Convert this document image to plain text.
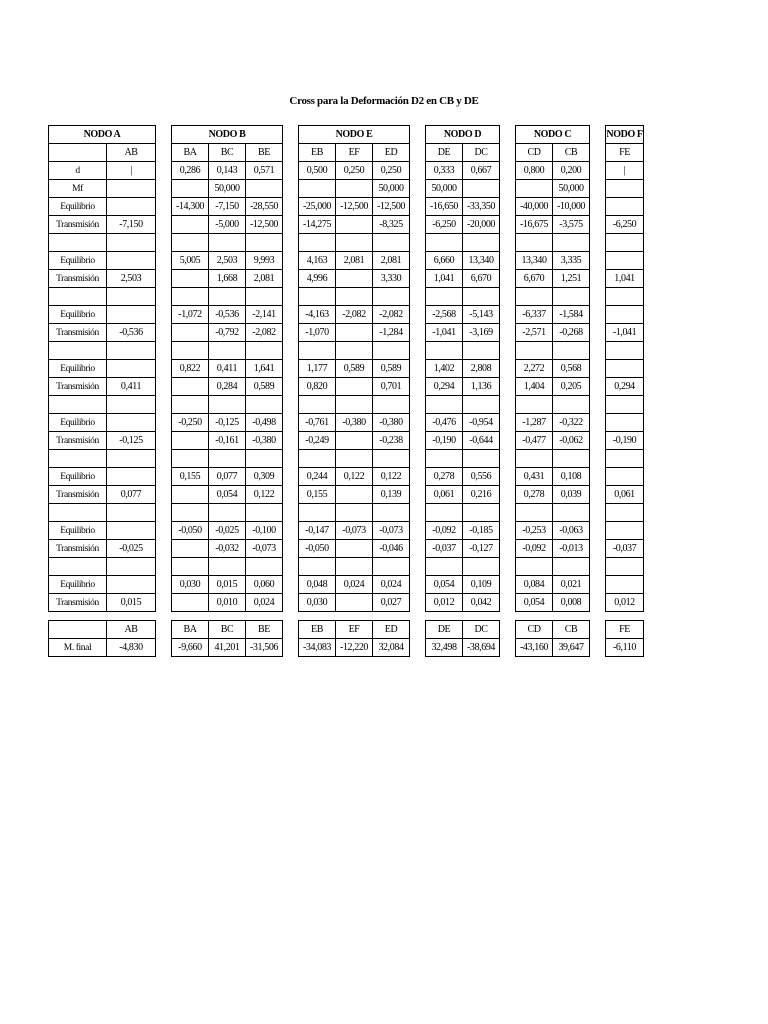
Cross para la Deformación D2 en CB y DE
NODO A			NODO B				NODO E				NODO D			NODO C			NODO F
	AB		BA	BC	BE		EB	EF	ED		DE	DC		CD	CB		FE
d	|		0,286	0,143	0,571		0,500	0,250	0,250		0,333	0,667		0,800	0,200		|
Mf				50,000					50,000		50,000				50,000		
Equilibrio			-14,300	-7,150	-28,550		-25,000	-12,500	-12,500		-16,650	-33,350		-40,000	-10,000		
Transmisión	-7,150			-5,000	-12,500		-14,275		-8,325		-6,250	-20,000		-16,675	-3,575		-6,250

Equilibrio			5,005	2,503	9,993		4,163	2,081	2,081		6,660	13,340		13,340	3,335		
Transmisión	2,503			1,668	2,081		4,996		3,330		1,041	6,670		6,670	1,251		1,041

Equilibrio			-1,072	-0,536	-2,141		-4,163	-2,082	-2,082		-2,568	-5,143		-6,337	-1,584		
Transmisión	-0,536			-0,792	-2,082		-1,070		-1,284		-1,041	-3,169		-2,571	-0,268		-1,041

Equilibrio			0,822	0,411	1,641		1,177	0,589	0,589		1,402	2,808		2,272	0,568		
Transmisión	0,411			0,284	0,589		0,820		0,701		0,294	1,136		1,404	0,205		0,294

Equilibrio			-0,250	-0,125	-0,498		-0,761	-0,380	-0,380		-0,476	-0,954		-1,287	-0,322		
Transmisión	-0,125			-0,161	-0,380		-0,249		-0,238		-0,190	-0,644		-0,477	-0,062		-0,190

Equilibrio			0,155	0,077	0,309		0,244	0,122	0,122		0,278	0,556		0,431	0,108		
Transmisión	0,077			0,054	0,122		0,155		0,139		0,061	0,216		0,278	0,039		0,061

Equilibrio			-0,050	-0,025	-0,100		-0,147	-0,073	-0,073		-0,092	-0,185		-0,253	-0,063		
Transmisión	-0,025			-0,032	-0,073		-0,050		-0,046		-0,037	-0,127		-0,092	-0,013		-0,037

Equilibrio			0,030	0,015	0,060		0,048	0,024	0,024		0,054	0,109		0,084	0,021		
Transmisión	0,015			0,010	0,024		0,030		0,027		0,012	0,042		0,054	0,008		0,012
	AB		BA	BC	BE		EB	EF	ED		DE	DC		CD	CB		FE
M. final	-4,830		-9,660	41,201	-31,506		-34,083	-12,220	32,084		32,498	-38,694		-43,160	39,647		-6,110
